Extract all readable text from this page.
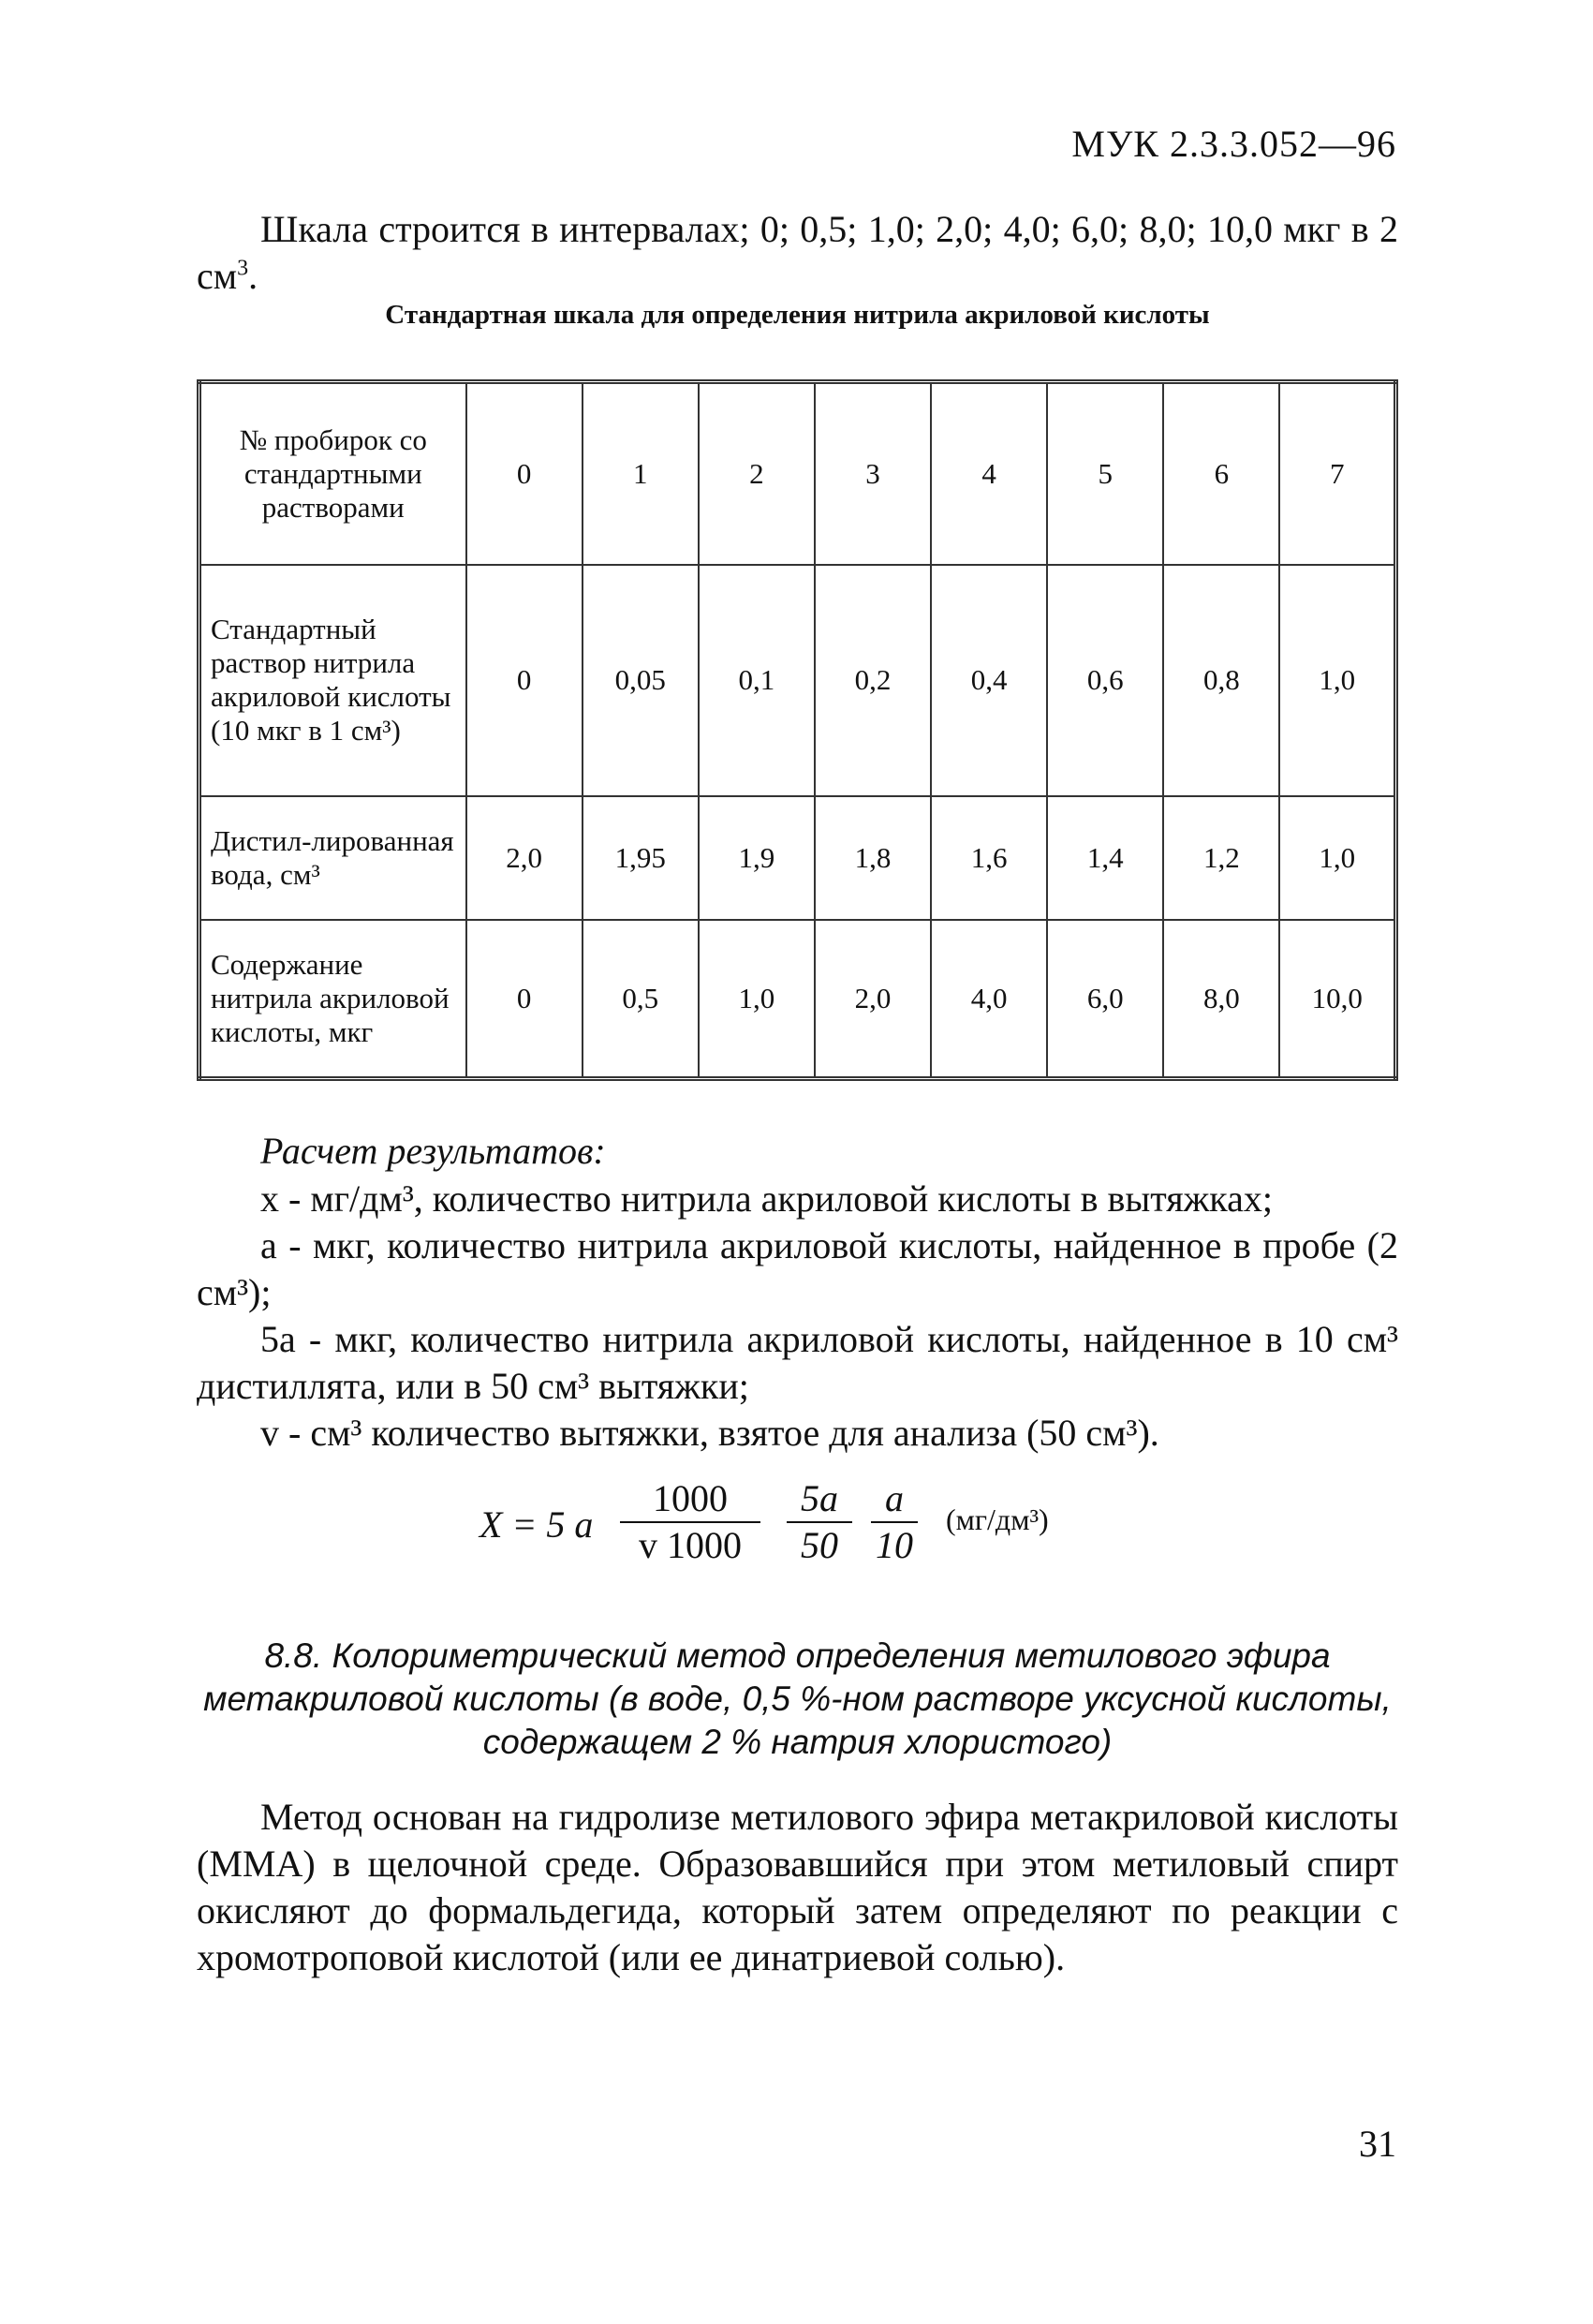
МУК 2.3.3.052—96
Шкала строится в интервалах; 0; 0,5; 1,0; 2,0; 4,0; 6,0; 8,0; 10,0 мкг в 2 $см^3$.
Стандартная шкала для определения нитрила акриловой кислоты
№ пробирок со стандартными растворами	0	1	2	3	4	5	6	7
Стандартный раствор нитрила акриловой кислоты (10 мкг в 1 см³)	0	0,05	0,1	0,2	0,4	0,6	0,8	1,0
Дистил-лированная вода, см³	2,0	1,95	1,9	1,8	1,6	1,4	1,2	1,0
Содержание нитрила акриловой кислоты, мкг	0	0,5	1,0	2,0	4,0	6,0	8,0	10,0
Расчет результатов:
x - мг/дм³, количество нитрила акриловой кислоты в вытяжках;
а - мкг, количество нитрила акриловой кислоты, найденное в пробе (2 см³);
5а - мкг, количество нитрила акриловой кислоты, найденное в 10 см³ дистиллята, или в 50 см³ вытяжки;
v - см³ количество вытяжки, взятое для анализа (50 см³).
X = 5 а $\frac{1000}{v 1000} \frac{5a}{50} \frac{a}{10} (мг/дм^3)$
8.8. Колориметрический метод определения метилового эфира метакриловой кислоты (в воде, 0,5 %-ном растворе уксусной кислоты, содержащем 2 % натрия хлористого)
Метод основан на гидролизе метилового эфира метакриловой кислоты (ММА) в щелочной среде. Образовавшийся при этом метиловый спирт окисляют до формальдегида, который затем определяют по реакции с хромотроповой кислотой (или ее динатриевой солью).
31
